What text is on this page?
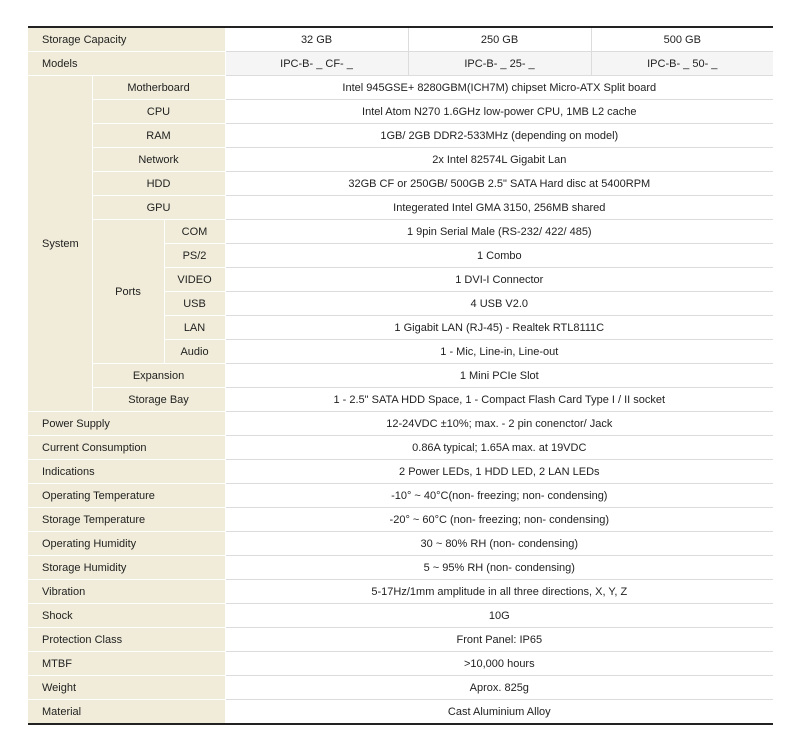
Storage Capacity			32 GB	250 GB	500 GB
Models			IPC-B- _ CF- _	IPC-B- _ 25- _	IPC-B- _ 50- _
System	Motherboard		Intel 945GSE+ 8280GBM(ICH7M) chipset Micro-ATX Split board		
	CPU		Intel Atom N270 1.6GHz low-power CPU, 1MB L2 cache		
	RAM		1GB/ 2GB DDR2-533MHz (depending on model)		
	Network		2x Intel 82574L Gigabit Lan		
	HDD		32GB CF or 250GB/ 500GB 2.5" SATA Hard disc at 5400RPM		
	GPU		Integerated Intel GMA 3150, 256MB shared		
	Ports	COM	1 9pin Serial Male (RS-232/ 422/ 485)		
		PS/2	1 Combo		
		VIDEO	1 DVI-I Connector		
		USB	4 USB V2.0		
		LAN	1 Gigabit LAN (RJ-45) - Realtek RTL8111C		
		Audio	1 - Mic, Line-in, Line-out		
	Expansion		1 Mini PCIe Slot		
	Storage Bay		1 - 2.5" SATA HDD Space, 1 - Compact Flash Card Type I / II socket		
Power Supply			12-24VDC ±10%; max. - 2 pin conenctor/ Jack		
Current Consumption			0.86A typical; 1.65A max. at 19VDC		
Indications			2 Power LEDs, 1 HDD LED, 2 LAN LEDs		
Operating Temperature			-10° ~ 40°C(non- freezing; non- condensing)		
Storage Temperature			-20° ~ 60°C (non- freezing; non- condensing)		
Operating Humidity			30 ~ 80% RH (non- condensing)		
Storage Humidity			5 ~ 95% RH (non- condensing)		
Vibration			5-17Hz/1mm amplitude in all three directions, X, Y, Z		
Shock			10G		
Protection Class			Front Panel: IP65		
MTBF			>10,000 hours		
Weight			Aprox. 825g		
Material			Cast Aluminium Alloy		
